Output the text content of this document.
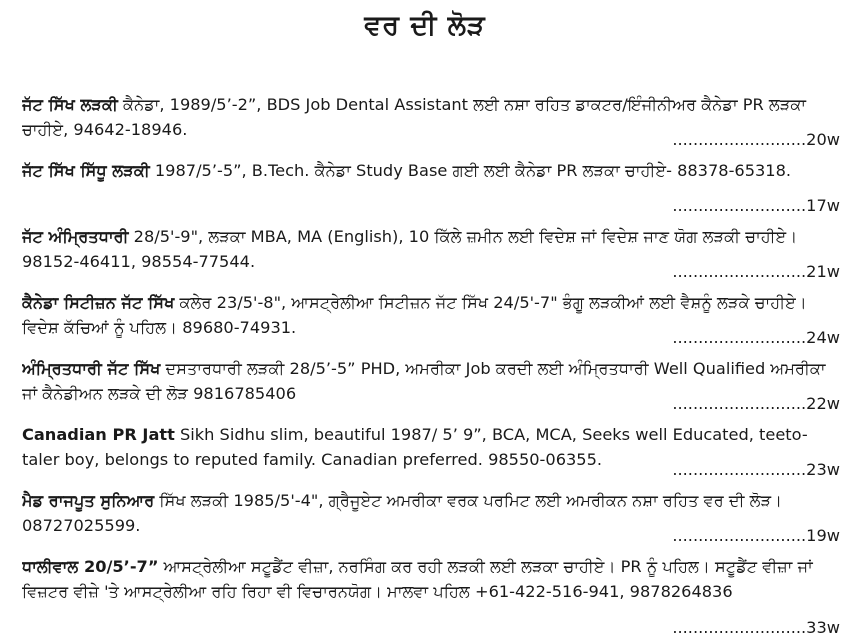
ਵਰ ਦੀ ਲੋੜ
ਜੱਟ ਸਿੱਖ ਲੜਕੀ ਕੈਨੇਡਾ, 1989/5’-2”, BDS Job Dental Assistant ਲਈ ਨਸ਼ਾ ਰਹਿਤ ਡਾਕਟਰ/ਇੰਜੀਨੀਅਰ ਕੈਨੇਡਾ PR ਲੜਕਾ ਚਾਹੀਏ, 94642-18946.
..........................20w
ਜੱਟ ਸਿੱਖ ਸਿੱਧੂ ਲੜਕੀ 1987/5’-5”, B.Tech. ਕੈਨੇਡਾ Study Base ਗਈ ਲਈ ਕੈਨੇਡਾ PR ਲੜਕਾ ਚਾਹੀਏ- 88378-65318.
..........................17w
ਜੱਟ ਅੰਮ੍ਰਿਤਧਾਰੀ 28/5'-9", ਲੜਕਾ MBA, MA (English), 10 ਕਿੱਲੇ ਜ਼ਮੀਨ ਲਈ ਵਿਦੇਸ਼ ਜਾਂ ਵਿਦੇਸ਼ ਜਾਣ ਯੋਗ ਲੜਕੀ ਚਾਹੀਏ। 98152-46411, 98554-77544.
..........................21w
ਕੈਨੇਡਾ ਸਿਟੀਜ਼ਨ ਜੱਟ ਸਿੱਖ ਕਲੇਰ 23/5'-8", ਆਸਟ੍ਰੇਲੀਆ ਸਿਟੀਜ਼ਨ ਜੱਟ ਸਿੱਖ 24/5'-7" ਭੰਗੂ ਲੜਕੀਆਂ ਲਈ ਵੈਸ਼ਨੂੰ ਲੜਕੇ ਚਾਹੀਏ। ਵਿਦੇਸ਼ ਕੱਚਿਆਂ ਨੂੰ ਪਹਿਲ। 89680-74931.
..........................24w
ਅੰਮ੍ਰਿਤਧਾਰੀ ਜੱਟ ਸਿੱਖ ਦਸਤਾਰਧਾਰੀ ਲੜਕੀ 28/5’-5” PHD, ਅਮਰੀਕਾ Job ਕਰਦੀ ਲਈ ਅੰਮ੍ਰਿਤਧਾਰੀ Well Qualified ਅਮਰੀਕਾ ਜਾਂ ਕੈਨੇਡੀਅਨ ਲੜਕੇ ਦੀ ਲੋੜ 9816785406
..........................22w
Canadian PR Jatt Sikh Sidhu slim, beautiful 1987/ 5’ 9”, BCA, MCA, Seeks well Educated, teeto-taler boy, belongs to reputed family. Canadian preferred. 98550-06355.
..........................23w
ਮੈਡ ਰਾਜਪੂਤ ਸੁਨਿਆਰ ਸਿੱਖ ਲੜਕੀ 1985/5'-4", ਗ੍ਰੈਜੂਏਟ ਅਮਰੀਕਾ ਵਰਕ ਪਰਮਿਟ ਲਈ ਅਮਰੀਕਨ ਨਸ਼ਾ ਰਹਿਤ ਵਰ ਦੀ ਲੋੜ। 08727025599.
..........................19w
ਧਾਲੀਵਾਲ 20/5’-7” ਆਸਟ੍ਰੇਲੀਆ ਸਟੂਡੈਂਟ ਵੀਜ਼ਾ, ਨਰਸਿੰਗ ਕਰ ਰਹੀ ਲੜਕੀ ਲਈ ਲੜਕਾ ਚਾਹੀਏ। PR ਨੂੰ ਪਹਿਲ। ਸਟੂਡੈਂਟ ਵੀਜ਼ਾ ਜਾਂ ਵਿਜ਼ਟਰ ਵੀਜ਼ੇ 'ਤੇ ਆਸਟ੍ਰੇਲੀਆ ਰਹਿ ਰਿਹਾ ਵੀ ਵਿਚਾਰਨਯੋਗ। ਮਾਲਵਾ ਪਹਿਲ +61-422-516-941, 9878264836
..........................33w
